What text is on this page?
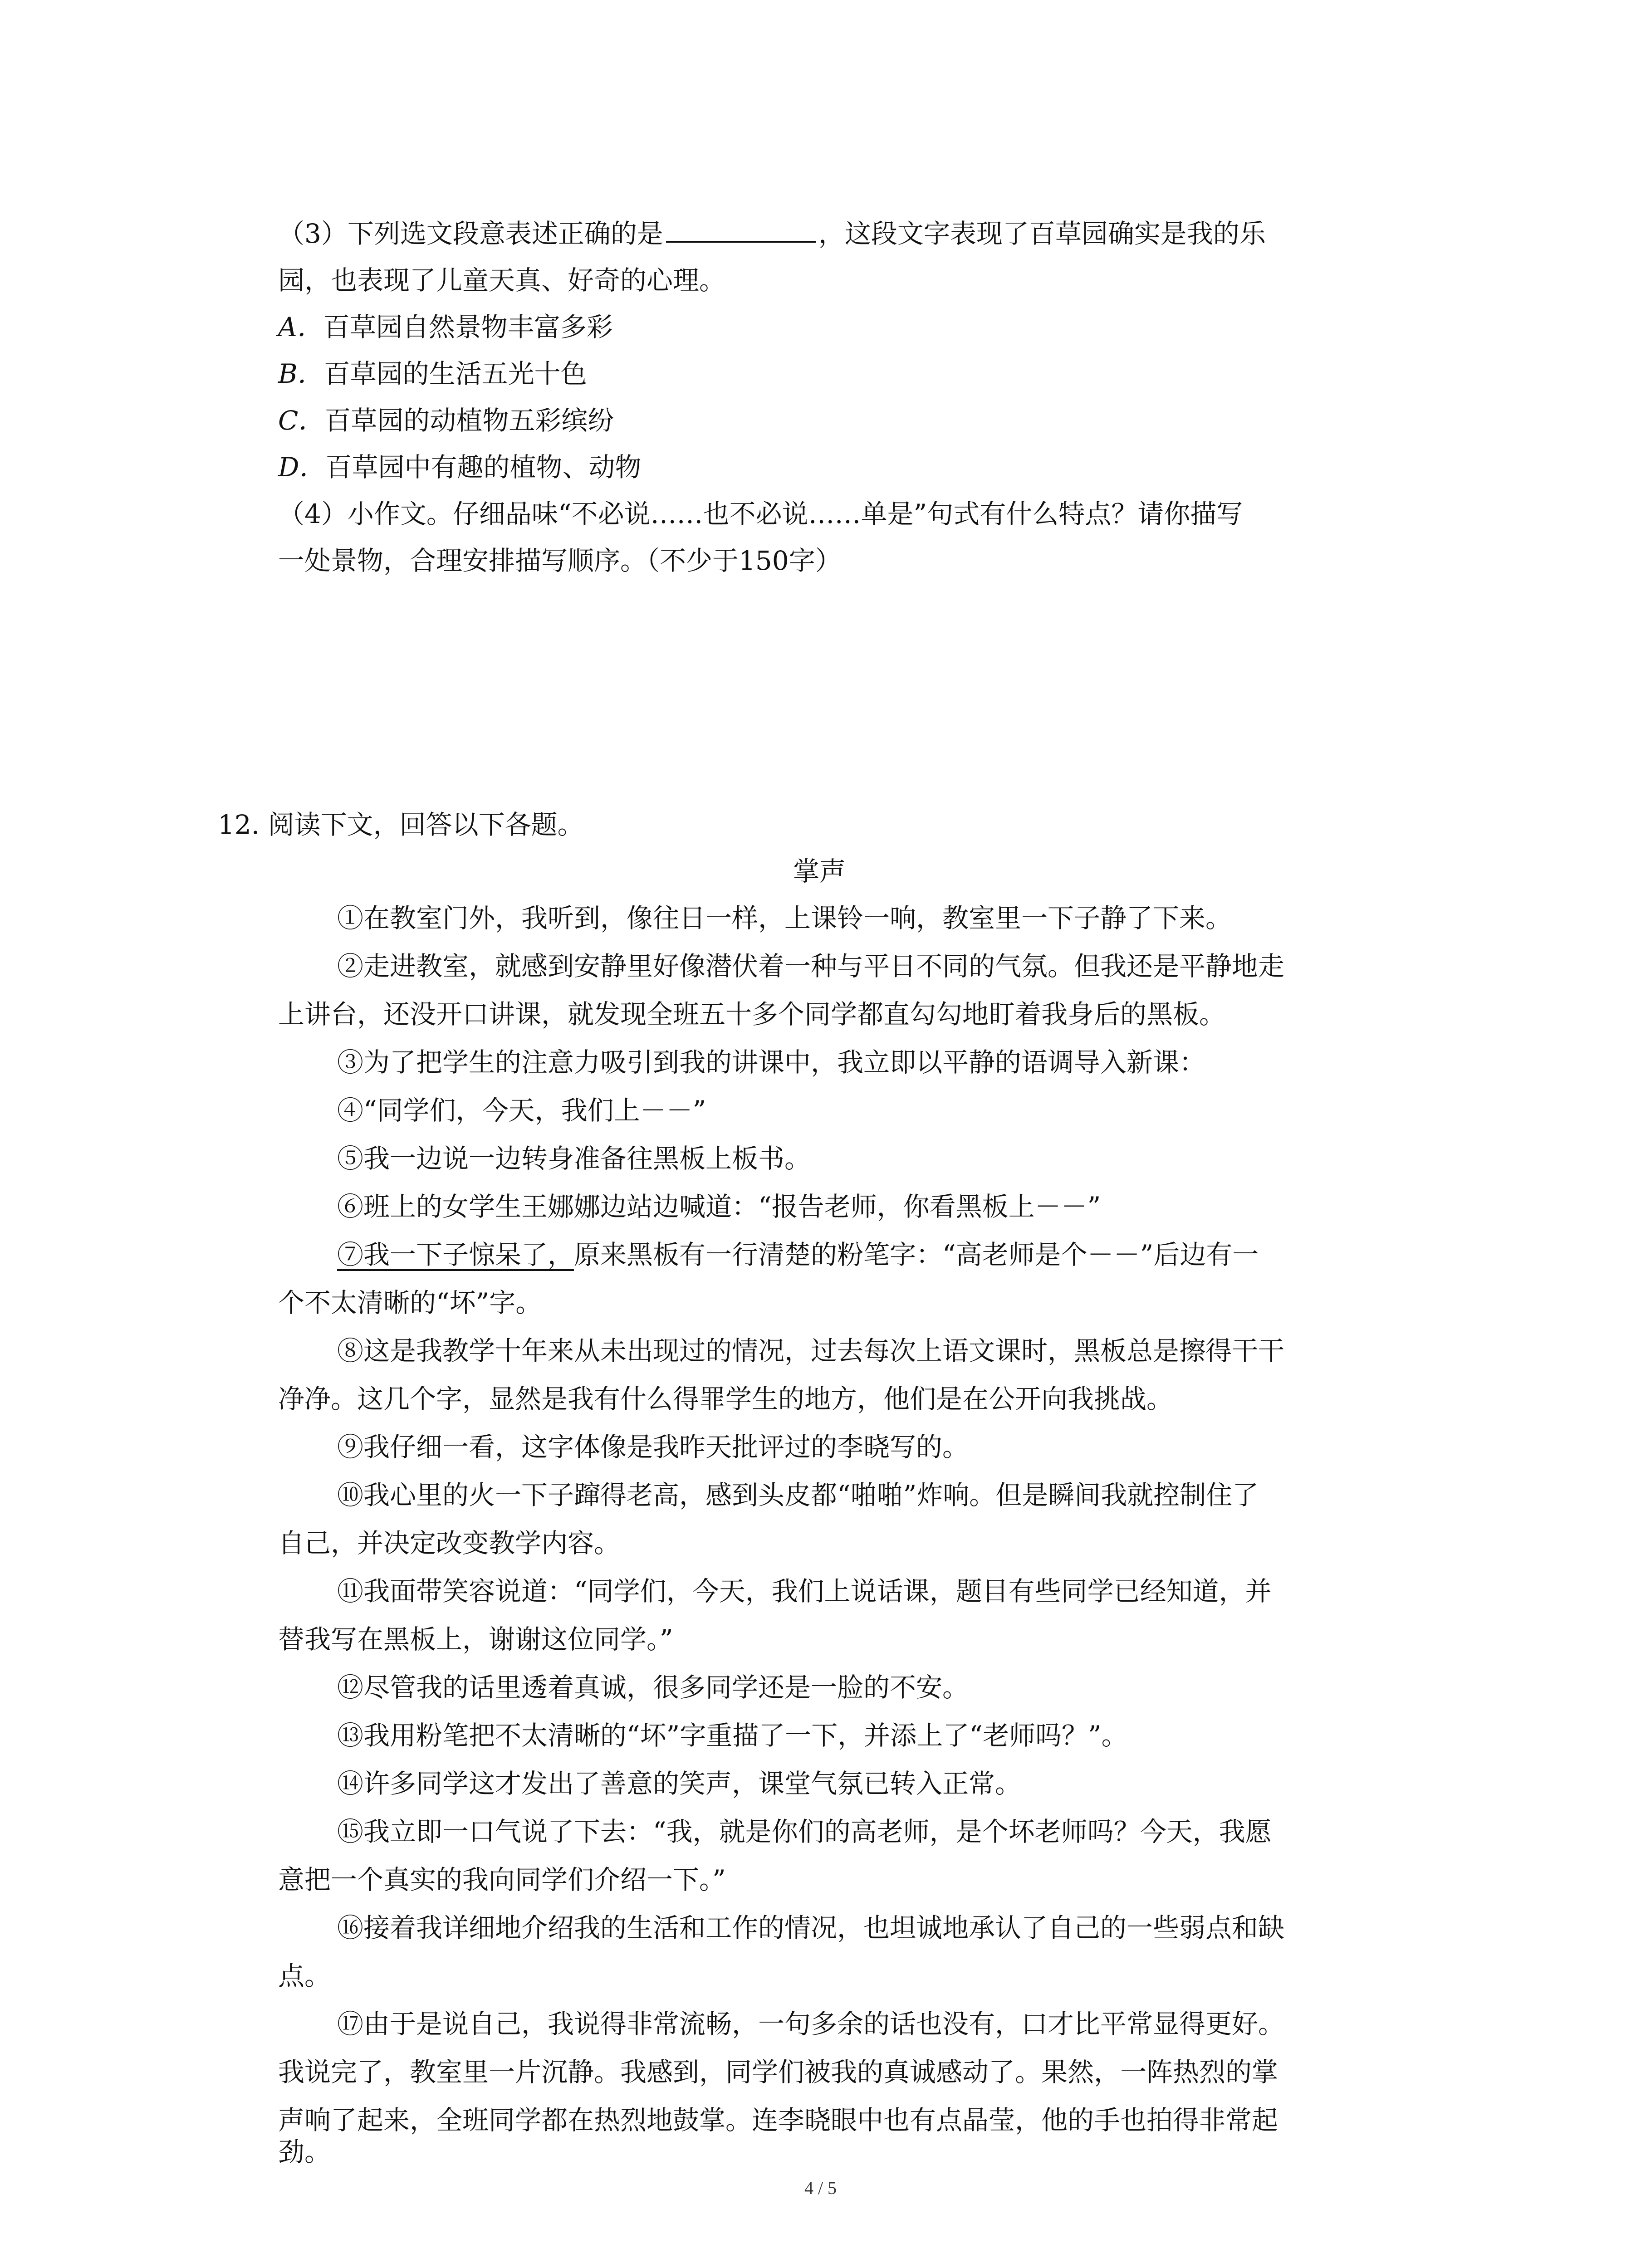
（3）下列选文段意表述正确的是	，这段文字表现了百草园确实是我的乐
园，也表现了儿童天真、好奇的心理。
A．百草园自然景物丰富多彩
B．百草园的生活五光十色
C．百草园的动植物五彩缤纷
D．百草园中有趣的植物、动物
（4）小作文。仔细品味“不必说……也不必说……单是”句式有什么特点？请你描写
一处景物，合理安排描写顺序。（不少于150字）
12. 阅读下文，回答以下各题。
掌声
①在教室门外，我听到，像往日一样，上课铃一响，教室里一下子静了下来。
②走进教室，就感到安静里好像潜伏着一种与平日不同的气氛。但我还是平静地走
上讲台，还没开口讲课，就发现全班五十多个同学都直勾勾地盯着我身后的黑板。
③为了把学生的注意力吸引到我的讲课中，我立即以平静的语调导入新课：
④“同学们，今天，我们上－－”
⑤我一边说一边转身准备往黑板上板书。
⑥班上的女学生王娜娜边站边喊道：“报告老师，你看黑板上－－”
⑦我一下子惊呆了，原来黑板有一行清楚的粉笔字：“高老师是个－－”后边有一
个不太清晰的“坏”字。
⑧这是我教学十年来从未出现过的情况，过去每次上语文课时，黑板总是擦得干干
净净。这几个字，显然是我有什么得罪学生的地方，他们是在公开向我挑战。
⑨我仔细一看，这字体像是我昨天批评过的李晓写的。
⑩我心里的火一下子蹿得老高，感到头皮都“啪啪”炸响。但是瞬间我就控制住了
自己，并决定改变教学内容。
⑪我面带笑容说道：“同学们，今天，我们上说话课，题目有些同学已经知道，并
替我写在黑板上，谢谢这位同学。”
⑫尽管我的话里透着真诚，很多同学还是一脸的不安。
⑬我用粉笔把不太清晰的“坏”字重描了一下，并添上了“老师吗？”。
⑭许多同学这才发出了善意的笑声，课堂气氛已转入正常。
⑮我立即一口气说了下去：“我，就是你们的高老师，是个坏老师吗？今天，我愿
意把一个真实的我向同学们介绍一下。”
⑯接着我详细地介绍我的生活和工作的情况，也坦诚地承认了自己的一些弱点和缺
点。
⑰由于是说自己，我说得非常流畅，一句多余的话也没有，口才比平常显得更好。
我说完了，教室里一片沉静。我感到，同学们被我的真诚感动了。果然，一阵热烈的掌
声响了起来，全班同学都在热烈地鼓掌。连李晓眼中也有点晶莹，他的手也拍得非常起
劲。
4 / 5
